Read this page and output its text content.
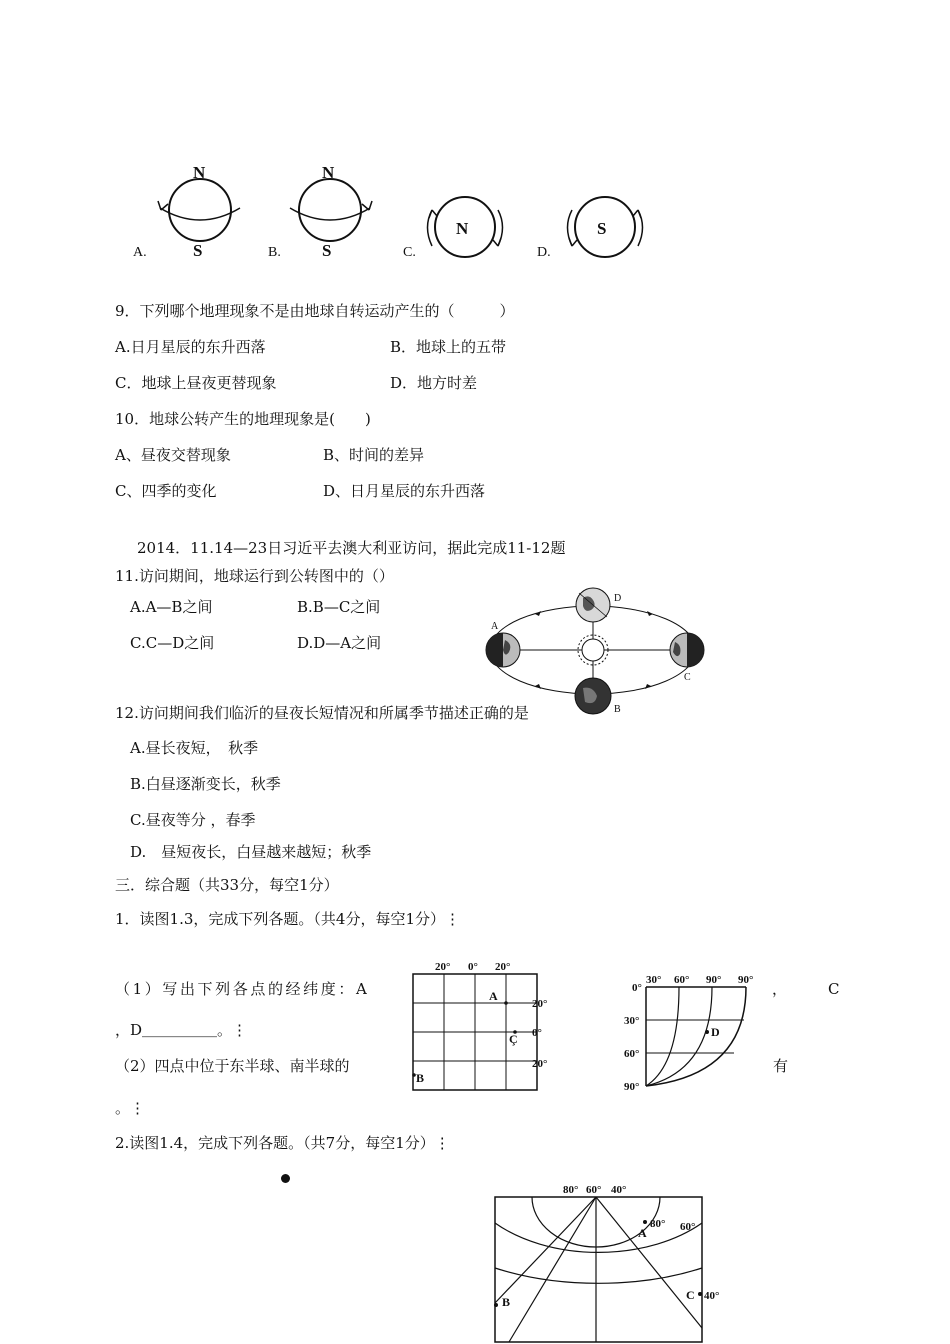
N
S
A.
N
S
B.
N
C.
S
D.
9．下列哪个地理现象不是由地球自转运动产生的（　　　）
A.日月星辰的东升西落	B．地球上的五带
C．地球上昼夜更替现象	D．地方时差
10．地球公转产生的地理现象是(　　)
A、昼夜交替现象	B、时间的差异
C、四季的变化	D、日月星辰的东升西落
2014．11.14—23日习近平去澳大利亚访问，据此完成11-12题
11.访问期间，地球运行到公转图中的（）
A.A—B之间	B.B—C之间
C.C—D之间	D.D—A之间
A
B
C
D
12.访问期间我们临沂的昼夜长短情况和所属季节描述正确的是
A.昼长夜短，　秋季
B.白昼逐渐变长，秋季
C.昼夜等分 ，春季
D.　昼短夜长，白昼越来越短；秋季
三．综合题（共33分，每空1分）
1．读图1.3，完成下列各题。（共4分，每空1分）⋮
（1）写出下列各点的经纬度：A	，	C
，D＿＿＿＿＿。⋮
（2）四点中位于东半球、南半球的	有
。⋮
20° 0° 20°
20°
0°
20°
A
Ç
B
0°
30° 60° 90° 90°
30°
60°
90°
D
2.读图1.4，完成下列各题。（共7分，每空1分）⋮
80° 60° 40°
80° 60°
40°
A
B	C
